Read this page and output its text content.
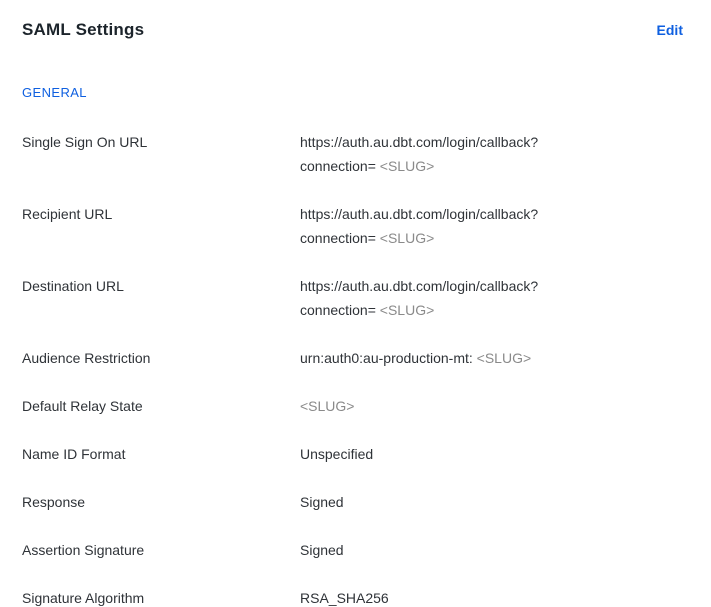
SAML Settings	Edit
GENERAL
Single Sign On URL	https://auth.au.dbt.com/login/callback?
connection= <SLUG>
Recipient URL	https://auth.au.dbt.com/login/callback?
connection= <SLUG>
Destination URL	https://auth.au.dbt.com/login/callback?
connection= <SLUG>
Audience Restriction	urn:auth0:au-production-mt: <SLUG>
Default Relay State	<SLUG>
Name ID Format	Unspecified
Response	Signed
Assertion Signature	Signed
Signature Algorithm	RSA_SHA256
